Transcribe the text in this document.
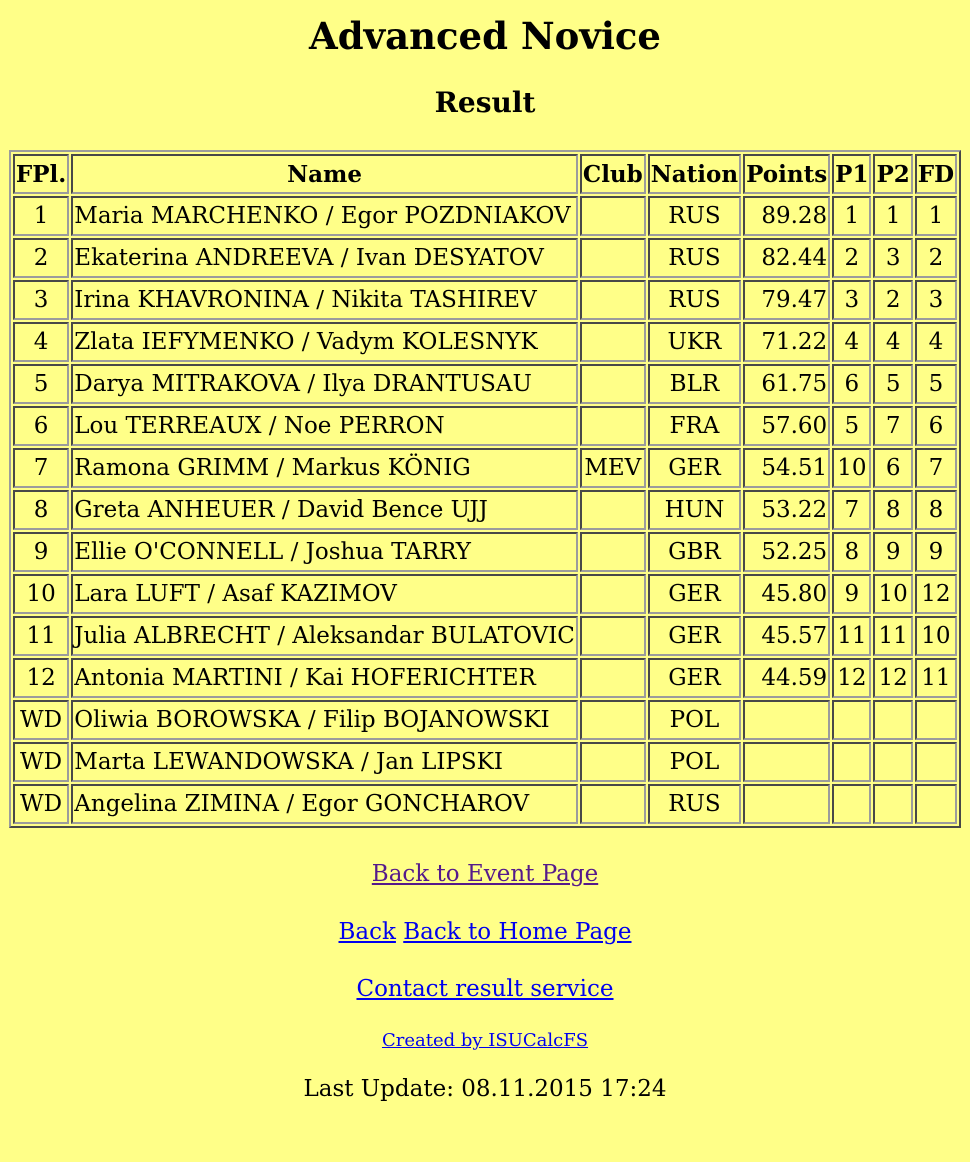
Advanced Novice
Result
FPl.	Name	Club	Nation	Points	P1	P2	FD
1	Maria MARCHENKO / Egor POZDNIAKOV		RUS	89.28	1	1	1
2	Ekaterina ANDREEVA / Ivan DESYATOV		RUS	82.44	2	3	2
3	Irina KHAVRONINA / Nikita TASHIREV		RUS	79.47	3	2	3
4	Zlata IEFYMENKO / Vadym KOLESNYK		UKR	71.22	4	4	4
5	Darya MITRAKOVA / Ilya DRANTUSAU		BLR	61.75	6	5	5
6	Lou TERREAUX / Noe PERRON		FRA	57.60	5	7	6
7	Ramona GRIMM / Markus KÖNIG	MEV	GER	54.51	10	6	7
8	Greta ANHEUER / David Bence UJJ		HUN	53.22	7	8	8
9	Ellie O'CONNELL / Joshua TARRY		GBR	52.25	8	9	9
10	Lara LUFT / Asaf KAZIMOV		GER	45.80	9	10	12
11	Julia ALBRECHT / Aleksandar BULATOVIC		GER	45.57	11	11	10
12	Antonia MARTINI / Kai HOFERICHTER		GER	44.59	12	12	11
WD	Oliwia BOROWSKA / Filip BOJANOWSKI		POL				
WD	Marta LEWANDOWSKA / Jan LIPSKI		POL				
WD	Angelina ZIMINA / Egor GONCHAROV		RUS				
Back to Event Page
Back Back to Home Page
Contact result service
Created by ISUCalcFS
Last Update: 08.11.2015 17:24
